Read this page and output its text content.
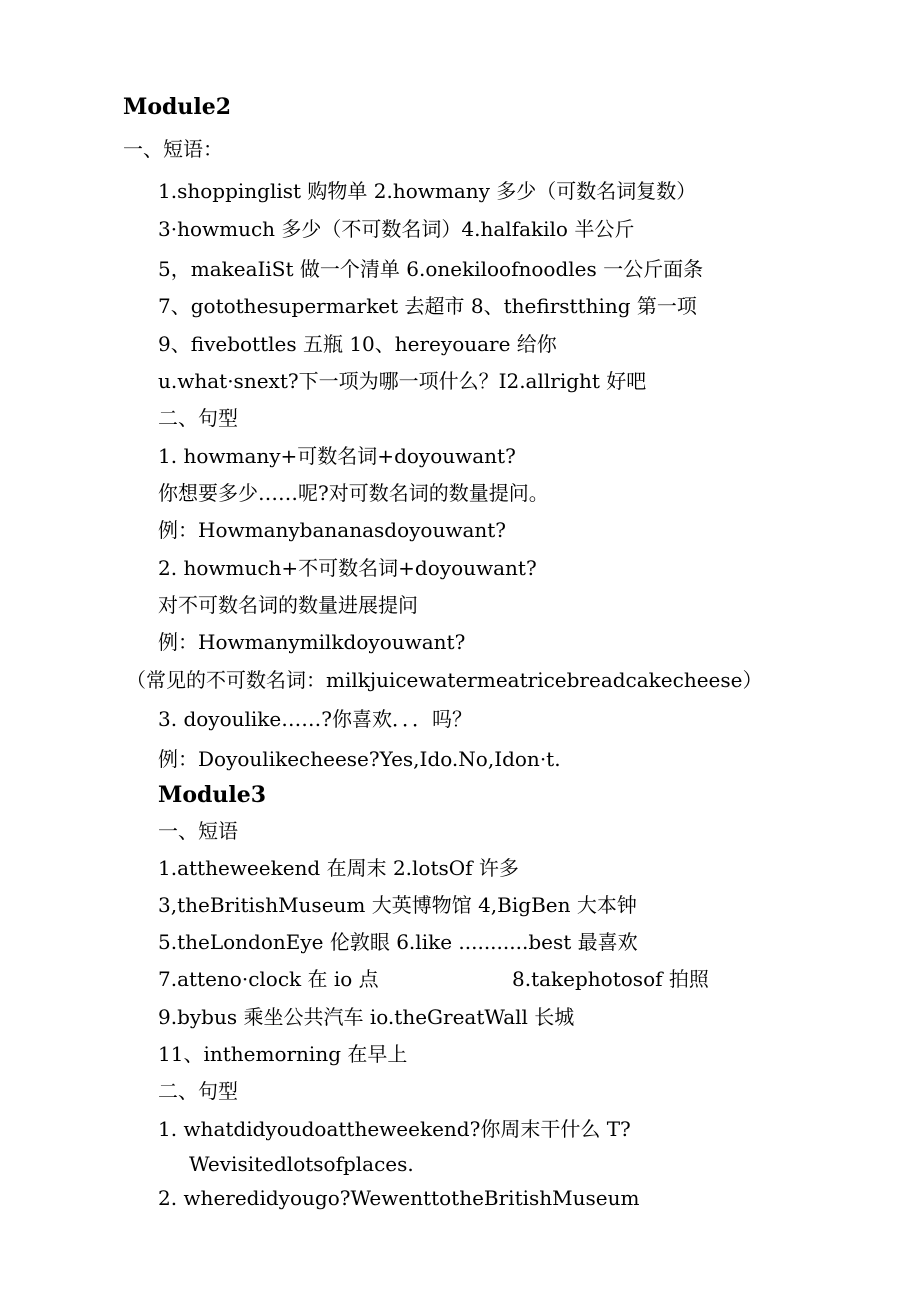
Module2
一、短语：
1.shoppinglist 购物单 2.howmany 多少（可数名词复数）
3·howmuch 多少（不可数名词）4.halfakilo 半公斤
5，makeaIiSt 做一个清单 6.onekiloofnoodles 一公斤面条
7、gotothesupermarket 去超市 8、thefirstthing 第一项
9、fivebottles 五瓶 10、hereyouare 给你
u.what·snext?下一项为哪一项什么？I2.allright 好吧
二、句型
1. howmany+可数名词+doyouwant?
你想要多少……呢?对可数名词的数量提问。
例：Howmanybananasdoyouwant?
2. howmuch+不可数名词+doyouwant?
对不可数名词的数量进展提问
例：Howmanymilkdoyouwant?
（常见的不可数名词：milkjuicewatermeatricebreadcakecheese）
3. doyoulike……?你喜欢．．．吗？
例：Doyoulikecheese?Yes,Ido.No,Idon·t.
Module3
一、短语
1.attheweekend 在周末 2.lotsOf 许多
3,theBritishMuseum 大英博物馆 4,BigBen 大本钟
5.theLondonEye 伦敦眼 6.like ...........best 最喜欢
7.atteno·clock 在 io 点	8.takephotosof 拍照
9.bybus 乘坐公共汽车 io.theGreatWall 长城
11、inthemorning 在早上
二、句型
1. whatdidyoudoattheweekend?你周末干什么 T?
Wevisitedlotsofplaces.
2. wheredidyougo?WewenttotheBritishMuseum
